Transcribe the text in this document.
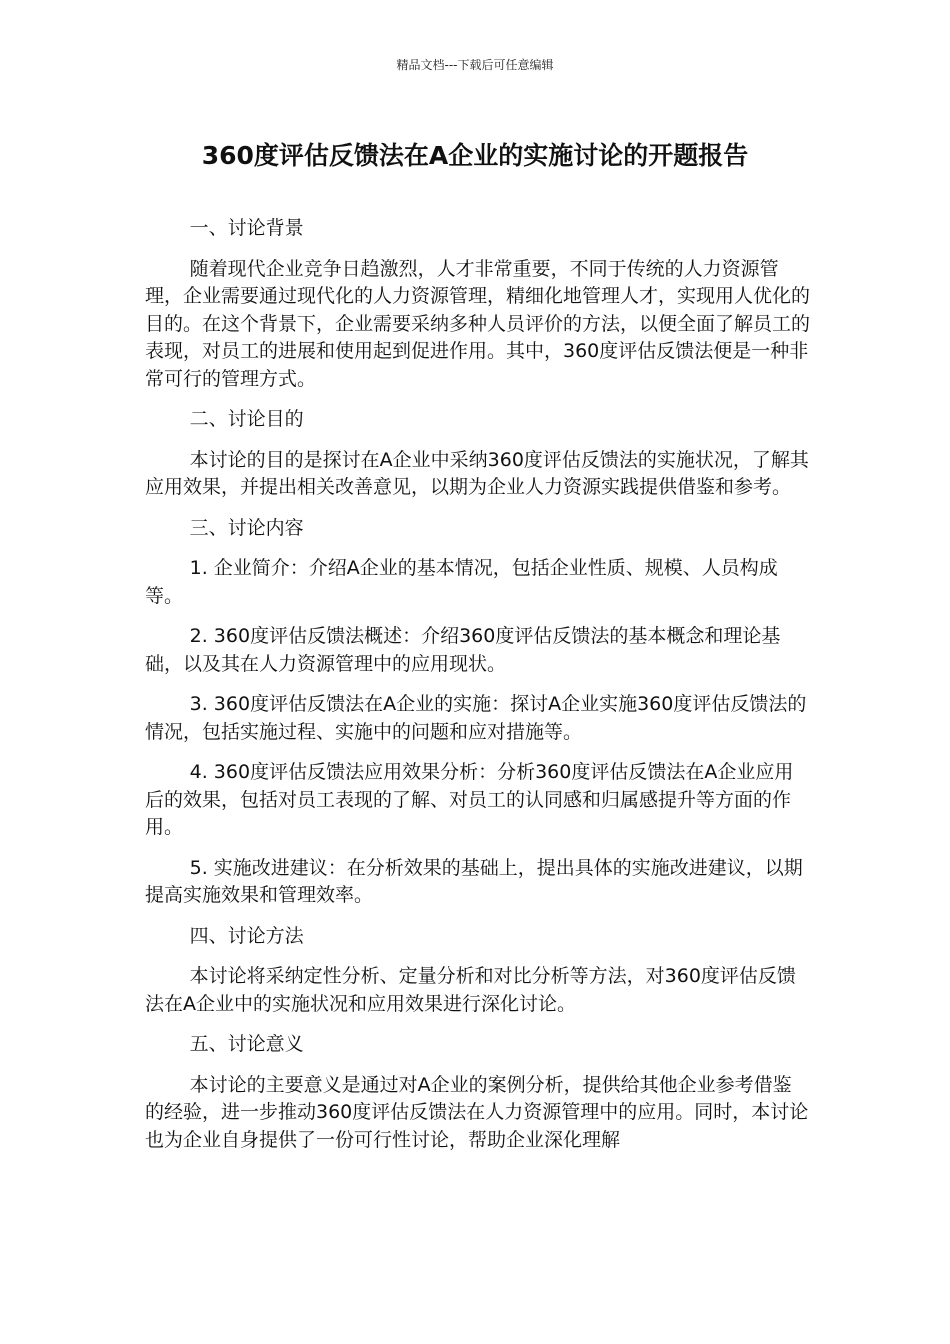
精品文档---下载后可任意编辑
360度评估反馈法在A企业的实施讨论的开题报告

一、讨论背景

随着现代企业竞争日趋激烈，人才非常重要，不同于传统的人力资源管理，企业需要通过现代化的人力资源管理，精细化地管理人才，实现用人优化的目的。在这个背景下，企业需要采纳多种人员评价的方法，以便全面了解员工的表现，对员工的进展和使用起到促进作用。其中，360度评估反馈法便是一种非常可行的管理方式。

二、讨论目的

本讨论的目的是探讨在A企业中采纳360度评估反馈法的实施状况，了解其应用效果，并提出相关改善意见，以期为企业人力资源实践提供借鉴和参考。

三、讨论内容

1. 企业简介：介绍A企业的基本情况，包括企业性质、规模、人员构成等。

2. 360度评估反馈法概述：介绍360度评估反馈法的基本概念和理论基础，以及其在人力资源管理中的应用现状。

3. 360度评估反馈法在A企业的实施：探讨A企业实施360度评估反馈法的情况，包括实施过程、实施中的问题和应对措施等。

4. 360度评估反馈法应用效果分析：分析360度评估反馈法在A企业应用后的效果，包括对员工表现的了解、对员工的认同感和归属感提升等方面的作用。

5. 实施改进建议：在分析效果的基础上，提出具体的实施改进建议，以期提高实施效果和管理效率。

四、讨论方法

本讨论将采纳定性分析、定量分析和对比分析等方法，对360度评估反馈法在A企业中的实施状况和应用效果进行深化讨论。

五、讨论意义

本讨论的主要意义是通过对A企业的案例分析，提供给其他企业参考借鉴的经验，进一步推动360度评估反馈法在人力资源管理中的应用。同时，本讨论也为企业自身提供了一份可行性讨论，帮助企业深化理解
